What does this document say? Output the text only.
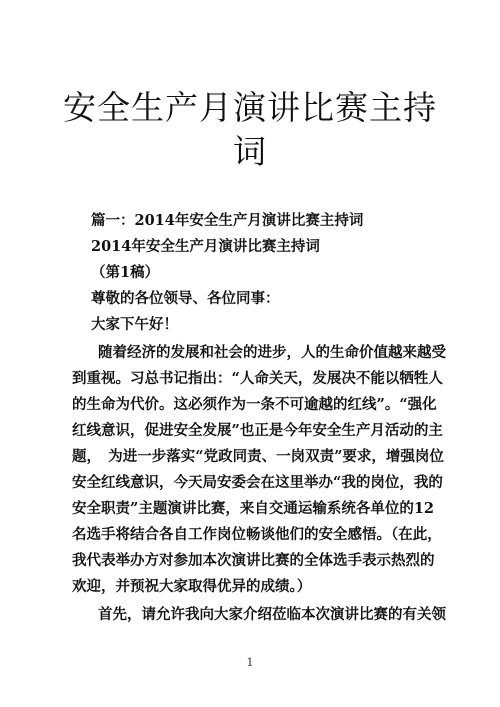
安全生产月演讲比赛主持
词
篇一：2014年安全生产月演讲比赛主持词
2014年安全生产月演讲比赛主持词
（第1稿）
尊敬的各位领导、各位同事：
大家下午好！
随着经济的发展和社会的进步，人的生命价值越来越受
到重视。习总书记指出：“人命关天，发展决不能以牺牲人
的生命为代价。这必须作为一条不可逾越的红线”。“强化
红线意识，促进安全发展”也正是今年安全生产月活动的主
题，　为进一步落实“党政同责、一岗双责”要求，增强岗位
安全红线意识，今天局安委会在这里举办“我的岗位，我的
安全职责”主题演讲比赛，来自交通运输系统各单位的12
名选手将结合各自工作岗位畅谈他们的安全感悟。（在此，
我代表举办方对参加本次演讲比赛的全体选手表示热烈的
欢迎，并预祝大家取得优异的成绩。）
首先，请允许我向大家介绍莅临本次演讲比赛的有关领
1
